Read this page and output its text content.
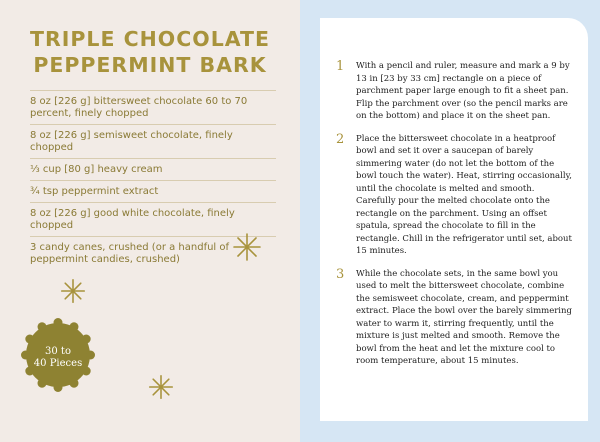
TRIPLE CHOCOLATE
PEPPERMINT BARK
8 oz [226 g] bittersweet chocolate 60 to 70 percent, finely chopped
8 oz [226 g] semisweet chocolate, finely chopped
⅓ cup [80 g] heavy cream
¾ tsp peppermint extract
8 oz [226 g] good white chocolate, finely chopped
3 candy canes, crushed (or a handful of peppermint candies, crushed)
30 to
40 Pieces
1 With a pencil and ruler, measure and mark a 9 by 13 in [23 by 33 cm] rectangle on a piece of parchment paper large enough to fit a sheet pan. Flip the parchment over (so the pencil marks are on the bottom) and place it on the sheet pan.
2 Place the bittersweet chocolate in a heatproof bowl and set it over a saucepan of barely simmering water (do not let the bottom of the bowl touch the water). Heat, stirring occasionally, until the chocolate is melted and smooth. Carefully pour the melted chocolate onto the rectangle on the parchment. Using an offset spatula, spread the chocolate to fill in the rectangle. Chill in the refrigerator until set, about 15 minutes.
3 While the chocolate sets, in the same bowl you used to melt the bittersweet chocolate, combine the semisweet chocolate, cream, and peppermint extract. Place the bowl over the barely simmering water to warm it, stirring frequently, until the mixture is just melted and smooth. Remove the bowl from the heat and let the mixture cool to room temperature, about 15 minutes.
